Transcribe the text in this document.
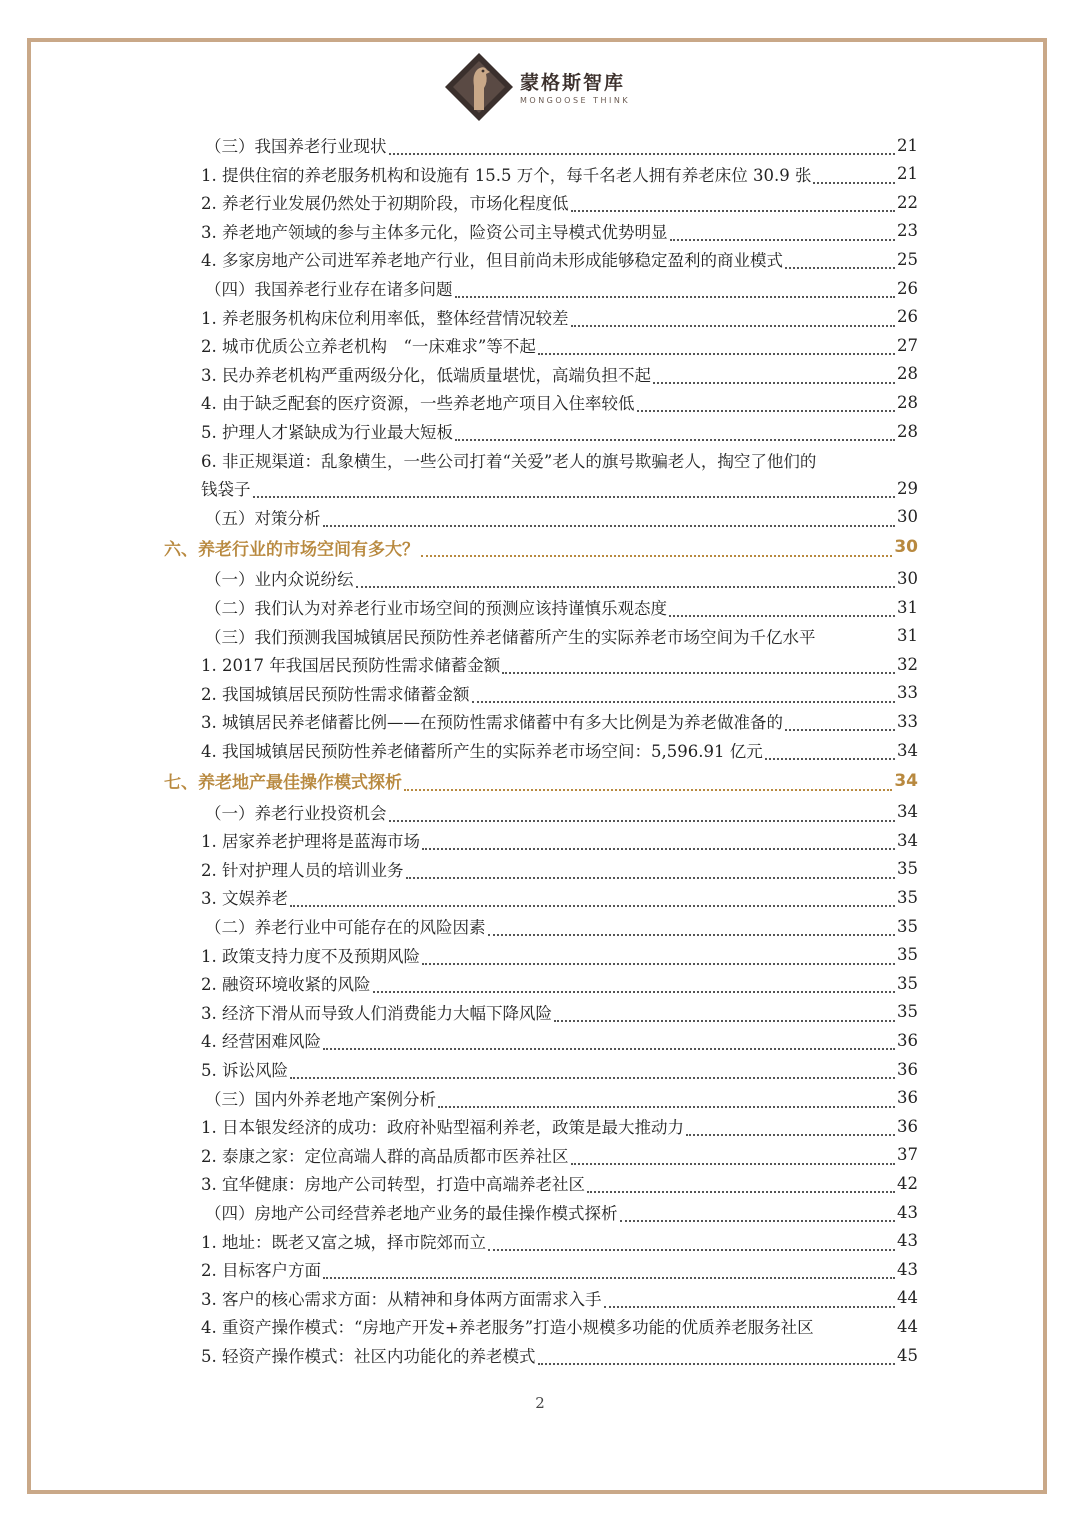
蒙格斯智库
MONGOOSE THINK
（三）我国养老行业现状	21
1. 提供住宿的养老服务机构和设施有 15.5 万个，每千名老人拥有养老床位 30.9 张	21
2. 养老行业发展仍然处于初期阶段，市场化程度低	22
3. 养老地产领域的参与主体多元化，险资公司主导模式优势明显	23
4. 多家房地产公司进军养老地产行业，但目前尚未形成能够稳定盈利的商业模式	25
（四）我国养老行业存在诸多问题	26
1. 养老服务机构床位利用率低，整体经营情况较差	26
2. 城市优质公立养老机构　“一床难求”等不起	27
3. 民办养老机构严重两级分化，低端质量堪忧，高端负担不起	28
4. 由于缺乏配套的医疗资源，一些养老地产项目入住率较低	28
5. 护理人才紧缺成为行业最大短板	28
6. 非正规渠道：乱象横生，一些公司打着“关爱”老人的旗号欺骗老人，掏空了他们的
钱袋子	29
（五）对策分析	30
六、养老行业的市场空间有多大？	30
（一）业内众说纷纭	30
（二）我们认为对养老行业市场空间的预测应该持谨慎乐观态度	31
（三）我们预测我国城镇居民预防性养老储蓄所产生的实际养老市场空间为千亿水平	31
1. 2017 年我国居民预防性需求储蓄金额	32
2. 我国城镇居民预防性需求储蓄金额	33
3. 城镇居民养老储蓄比例——在预防性需求储蓄中有多大比例是为养老做准备的	33
4. 我国城镇居民预防性养老储蓄所产生的实际养老市场空间：5,596.91 亿元	34
七、养老地产最佳操作模式探析	34
（一）养老行业投资机会	34
1. 居家养老护理将是蓝海市场	34
2. 针对护理人员的培训业务	35
3. 文娱养老	35
（二）养老行业中可能存在的风险因素	35
1. 政策支持力度不及预期风险	35
2. 融资环境收紧的风险	35
3. 经济下滑从而导致人们消费能力大幅下降风险	35
4. 经营困难风险	36
5. 诉讼风险	36
（三）国内外养老地产案例分析	36
1. 日本银发经济的成功：政府补贴型福利养老，政策是最大推动力	36
2. 泰康之家：定位高端人群的高品质都市医养社区	37
3. 宜华健康：房地产公司转型，打造中高端养老社区	42
（四）房地产公司经营养老地产业务的最佳操作模式探析	43
1. 地址：既老又富之城，择市院郊而立	43
2. 目标客户方面	43
3. 客户的核心需求方面：从精神和身体两方面需求入手	44
4. 重资产操作模式：“房地产开发+养老服务”打造小规模多功能的优质养老服务社区	44
5. 轻资产操作模式：社区内功能化的养老模式	45
2
